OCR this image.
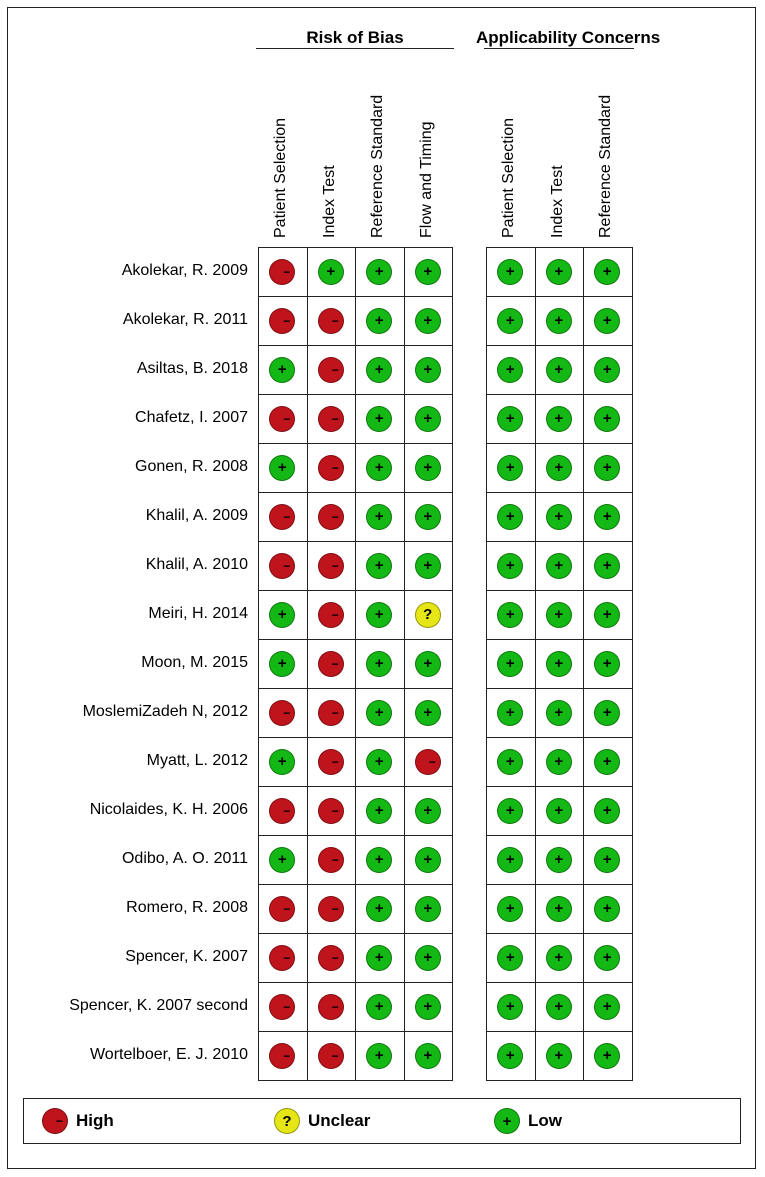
− High	? Unclear	+ Low
Risk of Bias
Patient Selection Index Test Reference Standard Flow and Timing
Applicability Concerns
Patient Selection Index Test Reference Standard
Akolekar, R. 2009	−	+	+	+	+	+	+
Akolekar, R. 2011	−	−	+	+	+	+	+
Asiltas, B. 2018	+	−	+	+	+	+	+
Chafetz, I. 2007	−	−	+	+	+	+	+
Gonen, R. 2008	+	−	+	+	+	+	+
Khalil, A. 2009	−	−	+	+	+	+	+
Khalil, A. 2010	−	−	+	+	+	+	+
Meiri, H. 2014	+	−	+	?	+	+	+
Moon, M. 2015	+	−	+	+	+	+	+
MoslemiZadeh N, 2012	−	−	+	+	+	+	+
Myatt, L. 2012	+	−	+	−	+	+	+
Nicolaides, K. H. 2006	−	−	+	+	+	+	+
Odibo, A. O. 2011	+	−	+	+	+	+	+
Romero, R. 2008	−	−	+	+	+	+	+
Spencer, K. 2007	−	−	+	+	+	+	+
Spencer, K. 2007 second	−	−	+	+	+	+	+
Wortelboer, E. J. 2010	−	−	+	+	+	+	+
